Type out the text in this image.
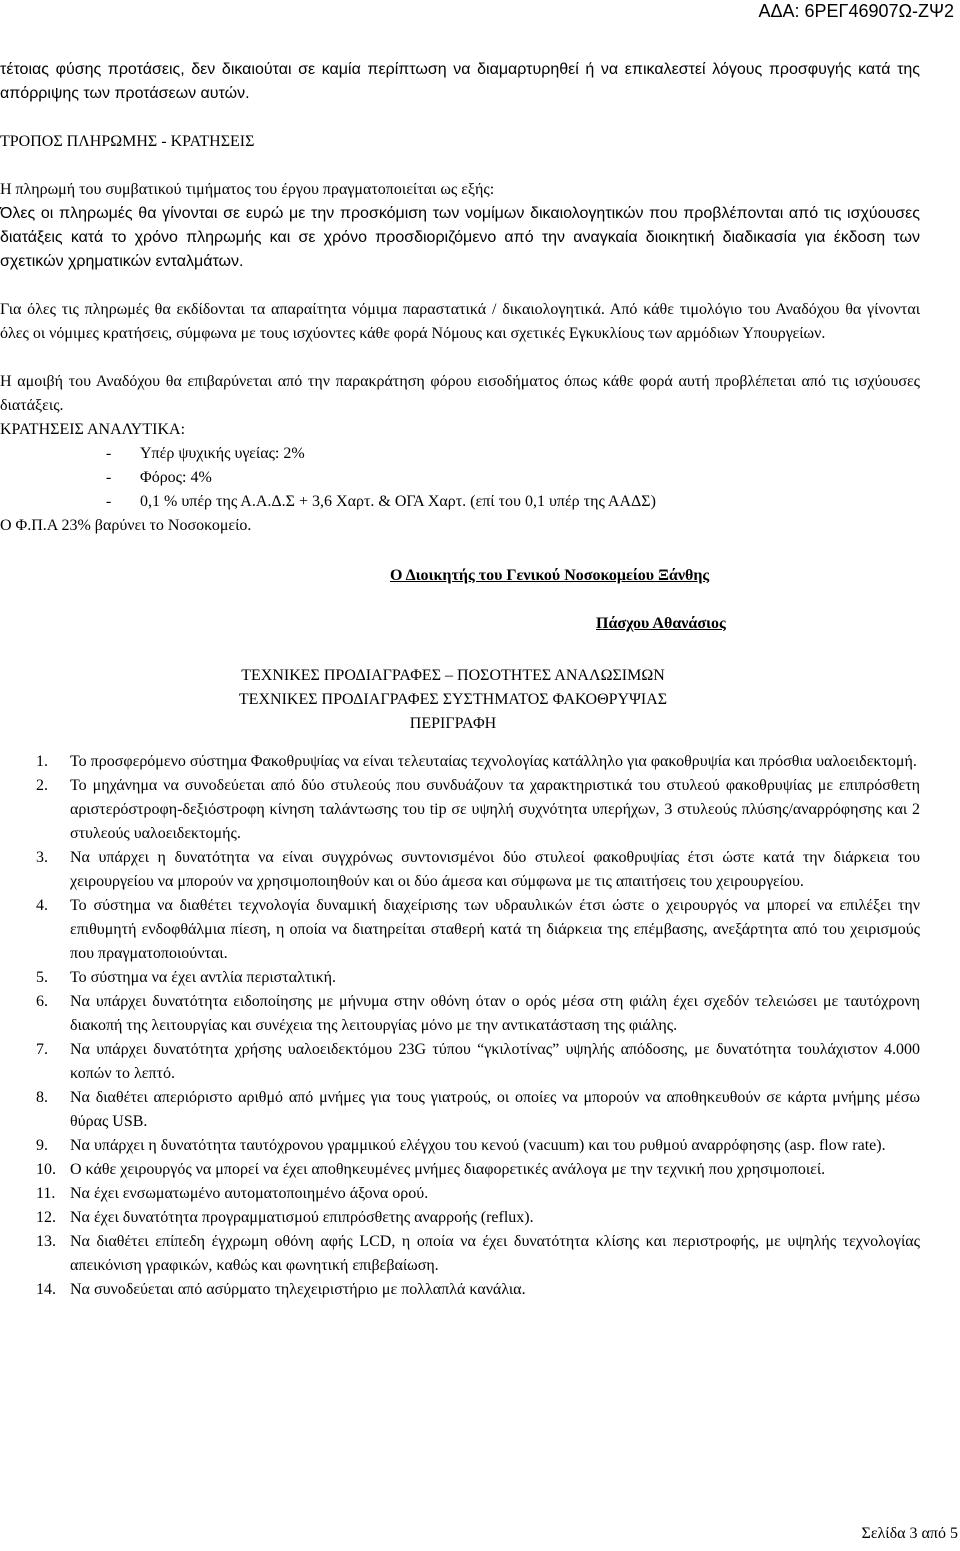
ΑΔΑ: 6ΡΕΓ46907Ω-ΖΨ2

τέτοιας φύσης προτάσεις, δεν δικαιούται σε καμία περίπτωση να διαμαρτυρηθεί ή να επικαλεστεί λόγους προσφυγής κατά της απόρριψης των προτάσεων αυτών.

ΤΡΟΠΟΣ ΠΛΗΡΩΜΗΣ - ΚΡΑΤΗΣΕΙΣ

Η πληρωμή του συμβατικού τιμήματος του έργου πραγματοποιείται ως εξής:

Όλες οι πληρωμές θα γίνονται σε ευρώ με την προσκόμιση των νομίμων δικαιολογητικών που προβλέπονται από τις ισχύουσες διατάξεις κατά το χρόνο πληρωμής και σε χρόνο προσδιοριζόμενο από την αναγκαία διοικητική διαδικασία για έκδοση των σχετικών χρηματικών ενταλμάτων.

Για όλες τις πληρωμές θα εκδίδονται τα απαραίτητα νόμιμα παραστατικά / δικαιολογητικά. Από κάθε τιμολόγιο του Αναδόχου θα γίνονται όλες οι νόμιμες κρατήσεις, σύμφωνα με τους ισχύοντες κάθε φορά Νόμους και σχετικές Εγκυκλίους των αρμόδιων Υπουργείων.

Η αμοιβή του Αναδόχου θα επιβαρύνεται από την παρακράτηση φόρου εισοδήματος όπως κάθε φορά αυτή προβλέπεται από τις ισχύουσες διατάξεις.

ΚΡΑΤΗΣΕΙΣ ΑΝΑΛΥΤΙΚΑ:

- Υπέρ ψυχικής υγείας: 2%
- Φόρος: 4%
- 0,1 % υπέρ της Α.Α.Δ.Σ + 3,6 Χαρτ. & ΟΓΑ Χαρτ. (επί του 0,1 υπέρ της ΑΑΔΣ)

Ο Φ.Π.Α 23% βαρύνει το Νοσοκομείο.

Ο Διοικητής του Γενικού Νοσοκομείου Ξάνθης

Πάσχου Αθανάσιος

ΤΕΧΝΙΚΕΣ ΠΡΟΔΙΑΓΡΑΦΕΣ – ΠΟΣΟΤΗΤΕΣ ΑΝΑΛΩΣΙΜΩΝ

ΤΕΧΝΙΚΕΣ ΠΡΟΔΙΑΓΡΑΦΕΣ ΣΥΣΤΗΜΑΤΟΣ ΦΑΚΟΘΡΥΨΙΑΣ

ΠΕΡΙΓΡΑΦΗ

1.	Το προσφερόμενο σύστημα Φακοθρυψίας να είναι τελευταίας τεχνολογίας κατάλληλο για φακοθρυψία και πρόσθια υαλοειδεκτομή.
2.	Το μηχάνημα να συνοδεύεται από δύο στυλεούς που συνδυάζουν τα χαρακτηριστικά του στυλεού φακοθρυψίας με επιπρόσθετη αριστερόστροφη-δεξιόστροφη κίνηση ταλάντωσης του tip σε υψηλή συχνότητα υπερήχων, 3 στυλεούς πλύσης/αναρρόφησης και 2 στυλεούς υαλοειδεκτομής.
3.	Να υπάρχει η δυνατότητα να είναι συγχρόνως συντονισμένοι δύο στυλεοί φακοθρυψίας έτσι ώστε κατά την διάρκεια του χειρουργείου να μπορούν να χρησιμοποιηθούν και οι δύο άμεσα και σύμφωνα με τις απαιτήσεις του χειρουργείου.
4.	Το σύστημα να διαθέτει τεχνολογία δυναμική διαχείρισης των υδραυλικών έτσι ώστε ο χειρουργός να μπορεί να επιλέξει την επιθυμητή ενδοφθάλμια πίεση, η οποία να διατηρείται σταθερή κατά τη διάρκεια της επέμβασης, ανεξάρτητα από του χειρισμούς που πραγματοποιούνται.
5.	Το σύστημα να έχει αντλία περισταλτική.
6.	Να υπάρχει δυνατότητα ειδοποίησης με μήνυμα στην οθόνη όταν ο ορός μέσα στη φιάλη έχει σχεδόν τελειώσει με ταυτόχρονη διακοπή της λειτουργίας και συνέχεια της λειτουργίας μόνο με την αντικατάσταση της φιάλης.
7.	Να υπάρχει δυνατότητα χρήσης υαλοειδεκτόμου 23G τύπου “γκιλοτίνας” υψηλής απόδοσης, με δυνατότητα τουλάχιστον 4.000 κοπών το λεπτό.
8.	Να διαθέτει απεριόριστο αριθμό από μνήμες για τους γιατρούς, οι οποίες να μπορούν να αποθηκευθούν σε κάρτα μνήμης μέσω θύρας USB.
9.	Να υπάρχει η δυνατότητα ταυτόχρονου γραμμικού ελέγχου του κενού (vacuum) και του ρυθμού αναρρόφησης (asp. flow rate).
10. Ο κάθε χειρουργός να μπορεί να έχει αποθηκευμένες μνήμες διαφορετικές ανάλογα με την τεχνική που χρησιμοποιεί.
11. Να έχει ενσωματωμένο αυτοματοποιημένο άξονα ορού.
12. Να έχει δυνατότητα προγραμματισμού επιπρόσθετης αναρροής (reflux).
13. Να διαθέτει επίπεδη έγχρωμη οθόνη αφής LCD, η οποία να έχει δυνατότητα κλίσης και περιστροφής, με υψηλής τεχνολογίας απεικόνιση γραφικών, καθώς και φωνητική επιβεβαίωση.
14. Να συνοδεύεται από ασύρματο τηλεχειριστήριο με πολλαπλά κανάλια.
Σελίδα 3 από 5
